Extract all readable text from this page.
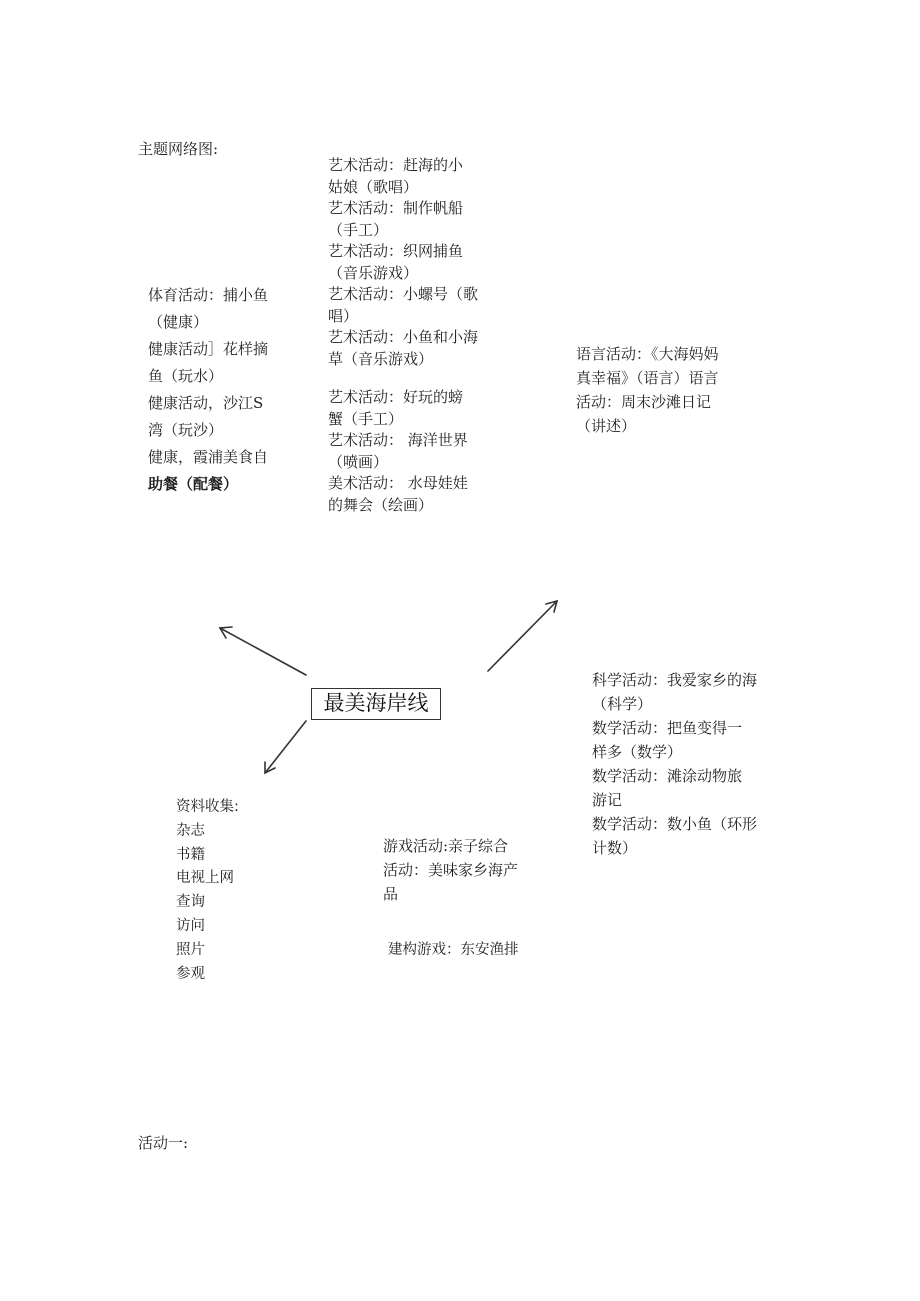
主题网络图:
艺术活动：赶海的小
姑娘（歌唱）
艺术活动：制作帆船
（手工）
艺术活动：织网捕鱼
（音乐游戏）
艺术活动：小螺号（歌
唱）
艺术活动：小鱼和小海
草（音乐游戏）
艺术活动：好玩的螃
蟹（手工）
艺术活动： 海洋世界
（喷画）
美术活动： 水母娃娃
的舞会（绘画）
体育活动：捕小鱼
（健康）
健康活动］花样摘
鱼（玩水）
健康活动，沙江S
湾（玩沙）
健康，霞浦美食自
助餐（配餐）
语言活动：《大海妈妈
真幸福》（语言）语言
活动：周末沙滩日记
（讲述）
最美海岸线
科学活动：我爱家乡的海
（科学）
数学活动：把鱼变得一
样多（数学）
数学活动：滩涂动物旅
游记
数学活动：数小鱼（环形
计数）
资料收集:
杂志
书籍
电视上网
查询
访问
照片
参观
游戏活动:亲子综合
活动：美味家乡海产
品
建构游戏：东安渔排
活动一:
